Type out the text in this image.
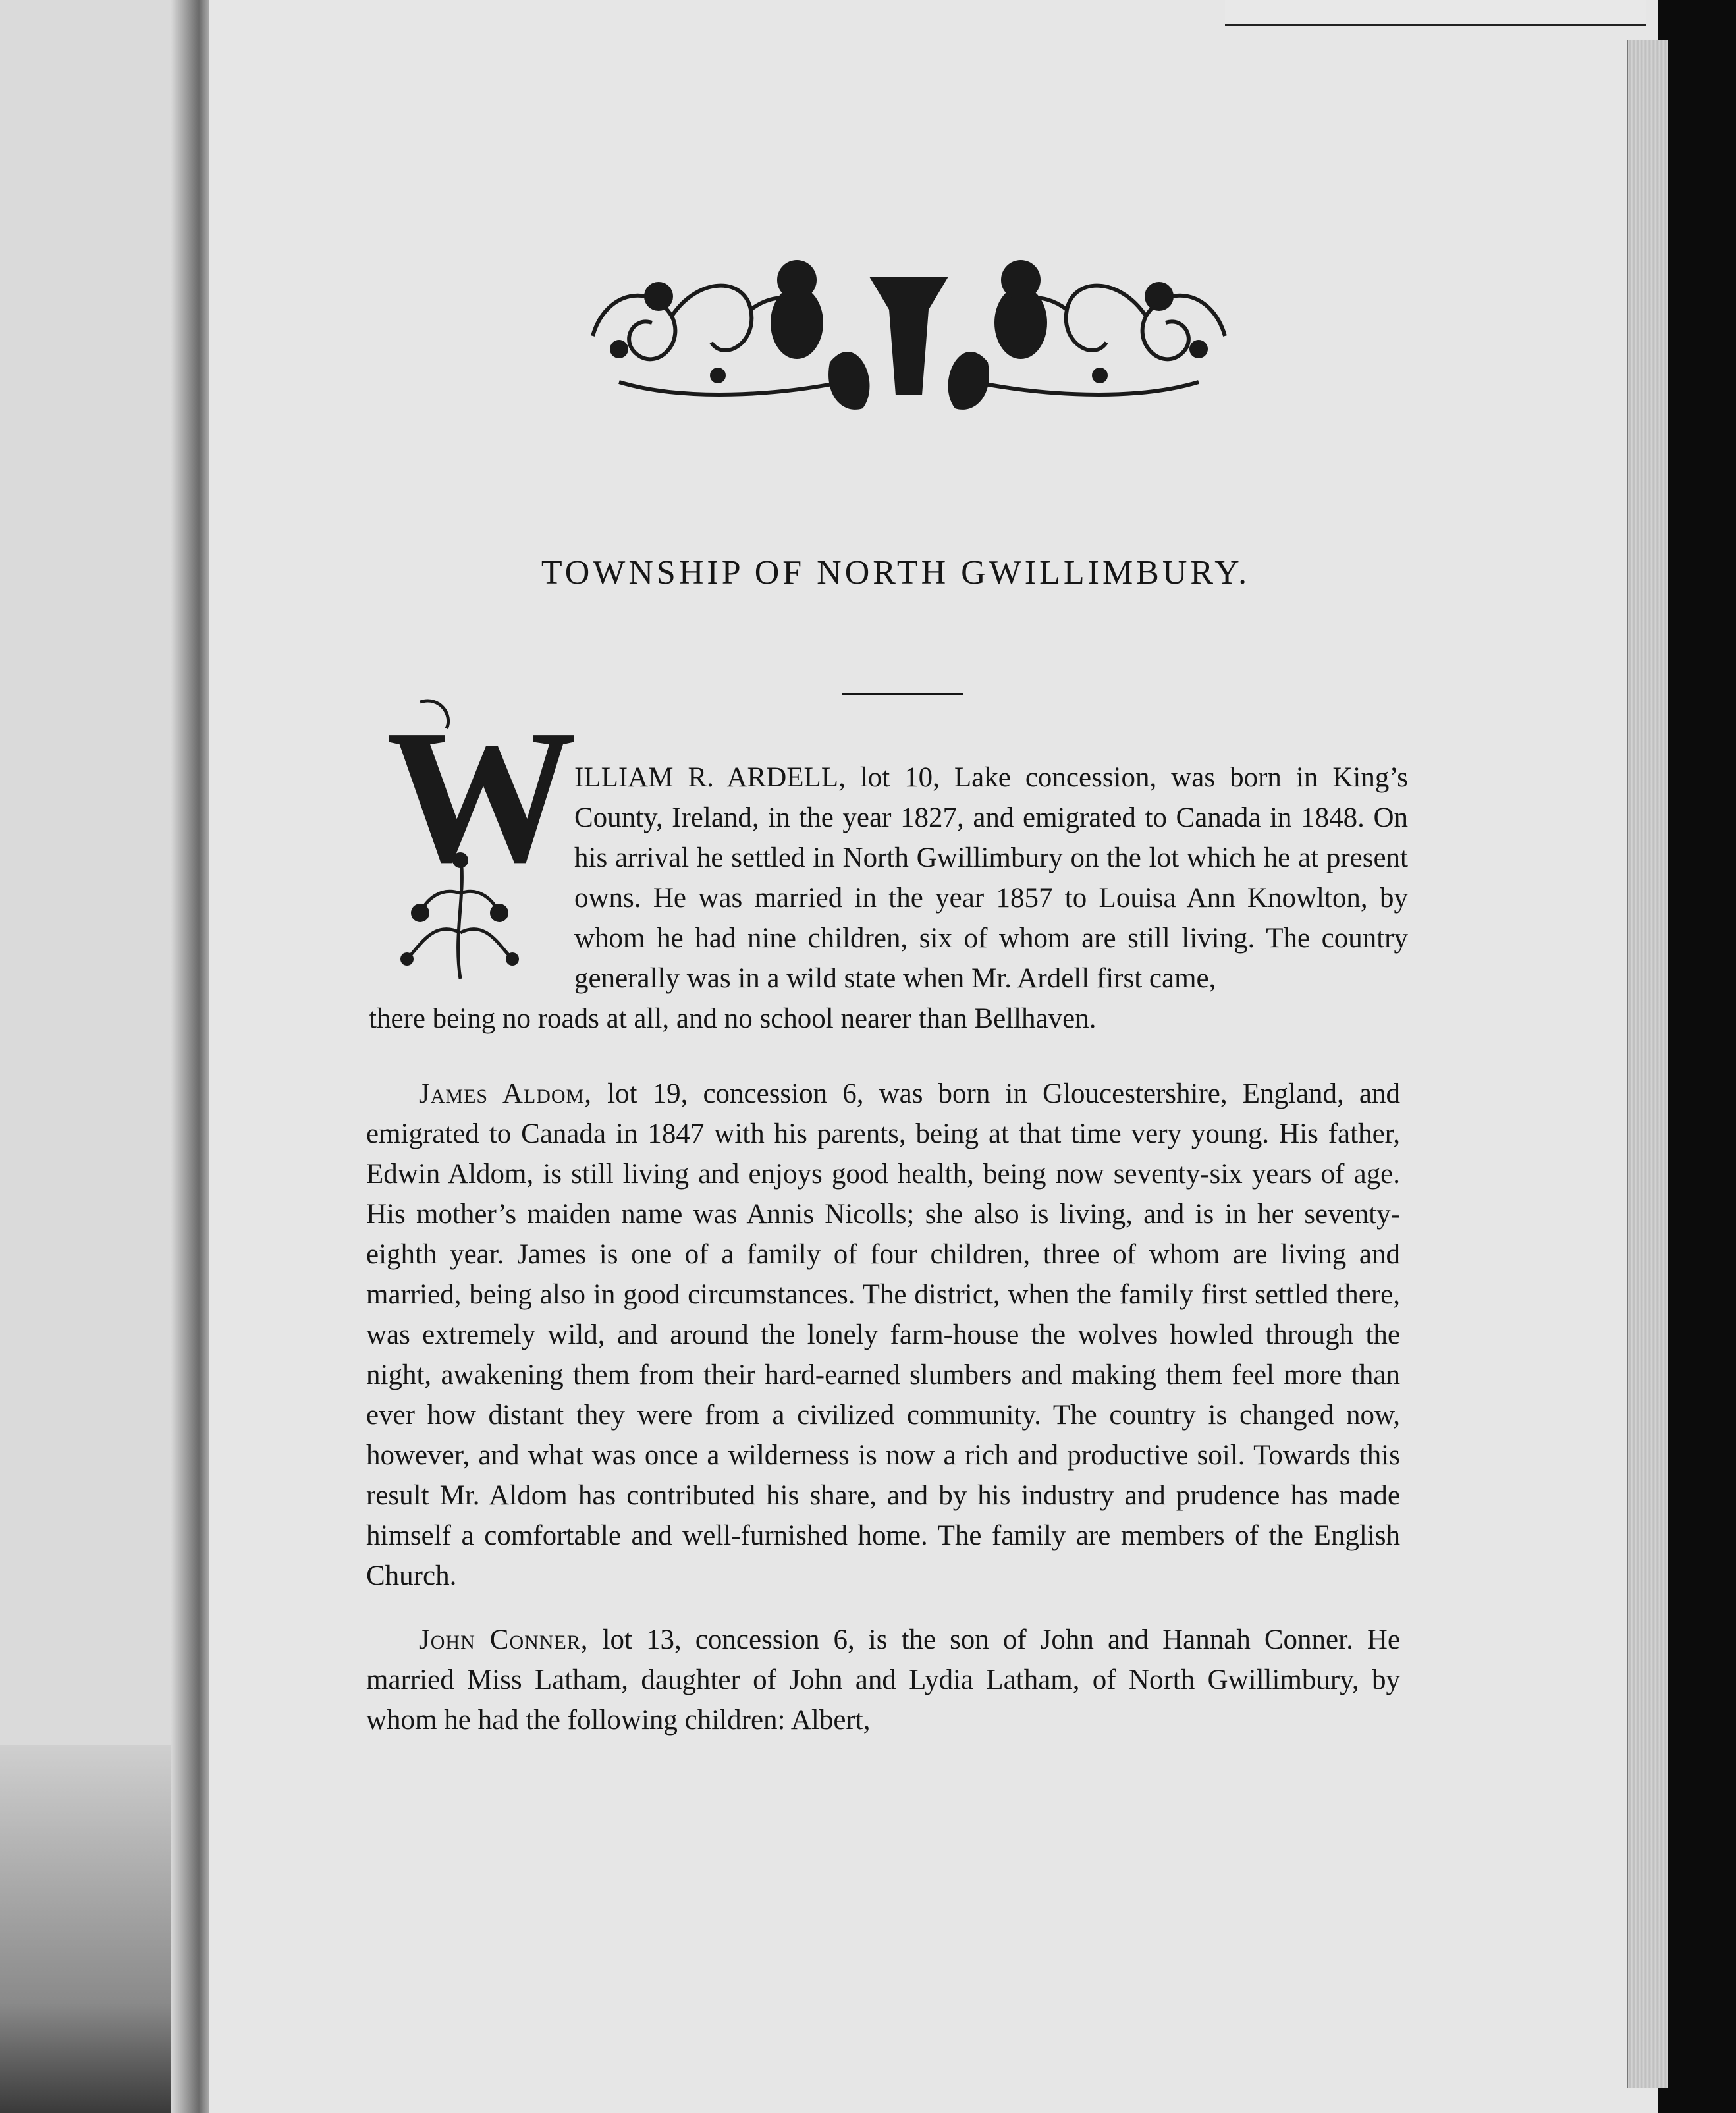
TOWNSHIP OF NORTH GWILLIMBURY.
W
ILLIAM R. ARDELL, lot 10, Lake concession, was born in King’s County, Ireland, in the year 1827, and emigrated to Canada in 1848. On his arrival he settled in North Gwillimbury on the lot which he at present owns. He was married in the year 1857 to Louisa Ann Knowlton, by whom he had nine children, six of whom are still living. The country generally was in a wild state when Mr. Ardell first came,
there being no roads at all, and no school nearer than Bellhaven.

James Aldom, lot 19, concession 6, was born in Gloucestershire, England, and emigrated to Canada in 1847 with his parents, being at that time very young. His father, Edwin Aldom, is still living and enjoys good health, being now seventy-six years of age. His mother’s maiden name was Annis Nicolls; she also is living, and is in her seventy-eighth year. James is one of a family of four children, three of whom are living and married, being also in good circumstances. The district, when the family first settled there, was extremely wild, and around the lonely farm-house the wolves howled through the night, awakening them from their hard-earned slumbers and making them feel more than ever how distant they were from a civilized community. The country is changed now, however, and what was once a wilderness is now a rich and productive soil. Towards this result Mr. Aldom has contributed his share, and by his industry and prudence has made himself a comfortable and well-furnished home. The family are members of the English Church.

John Conner, lot 13, concession 6, is the son of John and Hannah Conner. He married Miss Latham, daughter of John and Lydia Latham, of North Gwillimbury, by whom he had the following children: Albert,
